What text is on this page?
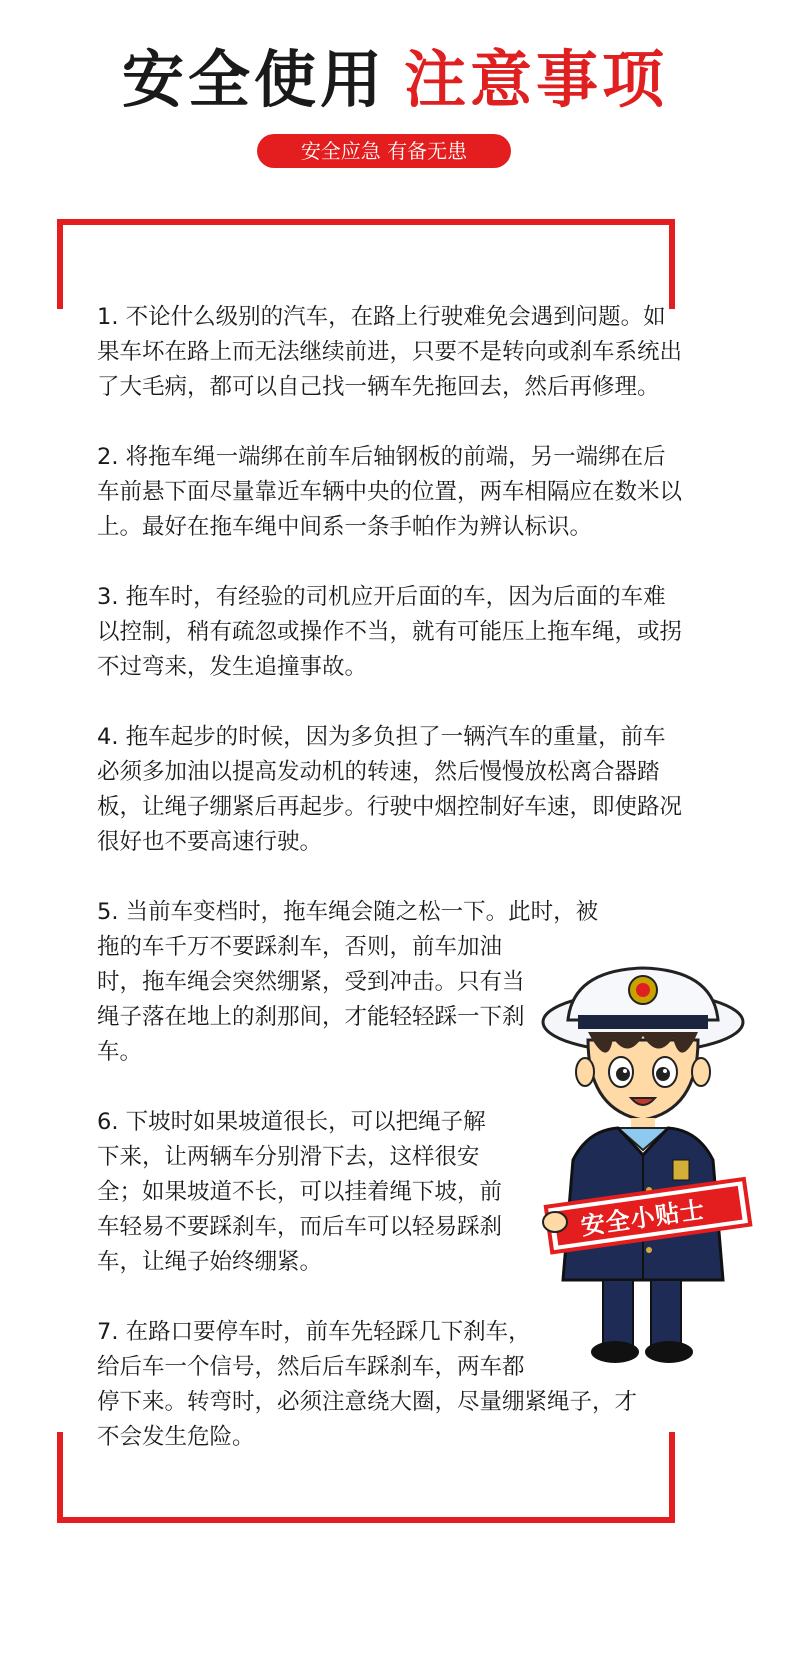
安全使用 注意事项
安全应急 有备无患

1. 不论什么级别的汽车，在路上行驶难免会遇到问题。如果车坏在路上而无法继续前进，只要不是转向或刹车系统出了大毛病，都可以自己找一辆车先拖回去，然后再修理。

2. 将拖车绳一端绑在前车后轴钢板的前端，另一端绑在后车前悬下面尽量靠近车辆中央的位置，两车相隔应在数米以上。最好在拖车绳中间系一条手帕作为辨认标识。

3. 拖车时，有经验的司机应开后面的车，因为后面的车难以控制，稍有疏忽或操作不当，就有可能压上拖车绳，或拐不过弯来，发生追撞事故。

4. 拖车起步的时候，因为多负担了一辆汽车的重量，前车必须多加油以提高发动机的转速，然后慢慢放松离合器踏板，让绳子绷紧后再起步。行驶中烟控制好车速，即使路况很好也不要高速行驶。

5. 当前车变档时，拖车绳会随之松一下。此时，被
拖的车千万不要踩刹车，否则，前车加油时，拖车绳会突然绷紧，受到冲击。只有当绳子落在地上的刹那间，才能轻轻踩一下刹车。

6. 下坡时如果坡道很长，可以把绳子解下来，让两辆车分别滑下去，这样很安全；如果坡道不长，可以挂着绳下坡，前车轻易不要踩刹车，而后车可以轻易踩刹车，让绳子始终绷紧。

7. 在路口要停车时，前车先轻踩几下刹车，
给后车一个信号，然后后车踩刹车，两车都
停下来。转弯时，必须注意绕大圈，尽量绷紧绳子，才不会发生危险。

安全小贴士
